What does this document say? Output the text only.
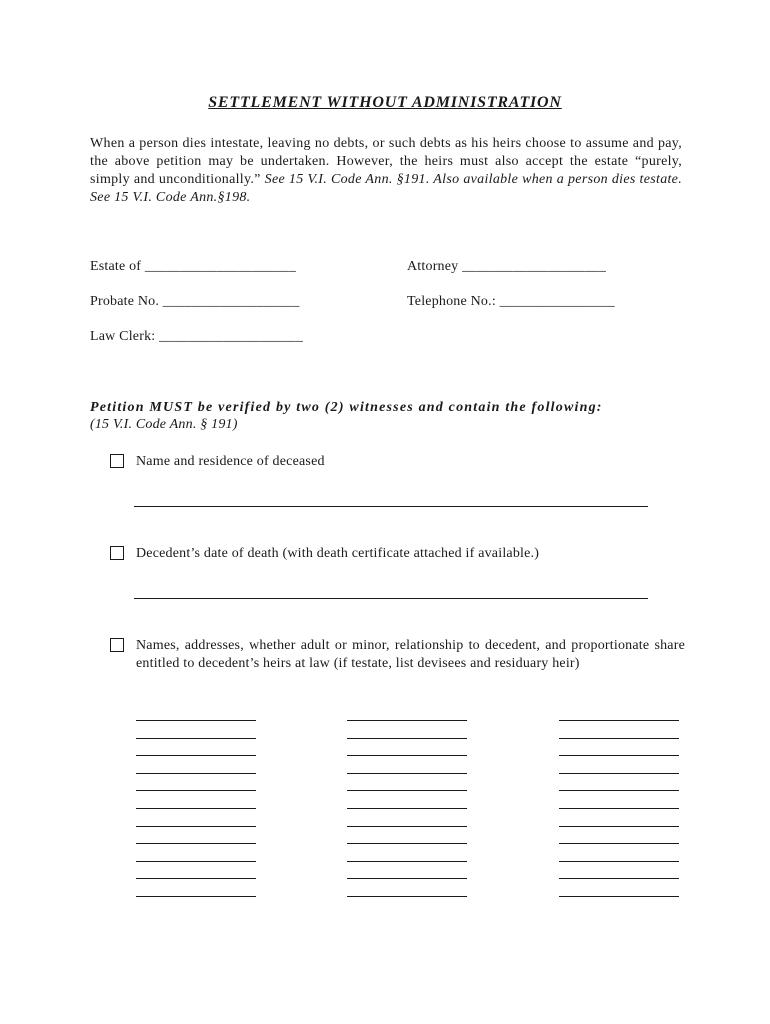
SETTLEMENT WITHOUT ADMINISTRATION
When a person dies intestate, leaving no debts, or such debts as his heirs choose to assume and pay, the above petition may be undertaken. However, the heirs must also accept the estate “purely, simply and unconditionally.” See 15 V.I. Code Ann. §191. Also available when a person dies testate. See 15 V.I. Code Ann.§198.
Estate of _____________________	Attorney ____________________
Probate No. ___________________	Telephone No.: ________________
Law Clerk: ____________________
Petition MUST be verified by two (2) witnesses and contain the following:
(15 V.I. Code Ann. § 191)
Name and residence of deceased
Decedent’s date of death (with death certificate attached if available.)
Names, addresses, whether adult or minor, relationship to decedent, and proportionate share entitled to decedent’s heirs at law (if testate, list devisees and residuary heir)
